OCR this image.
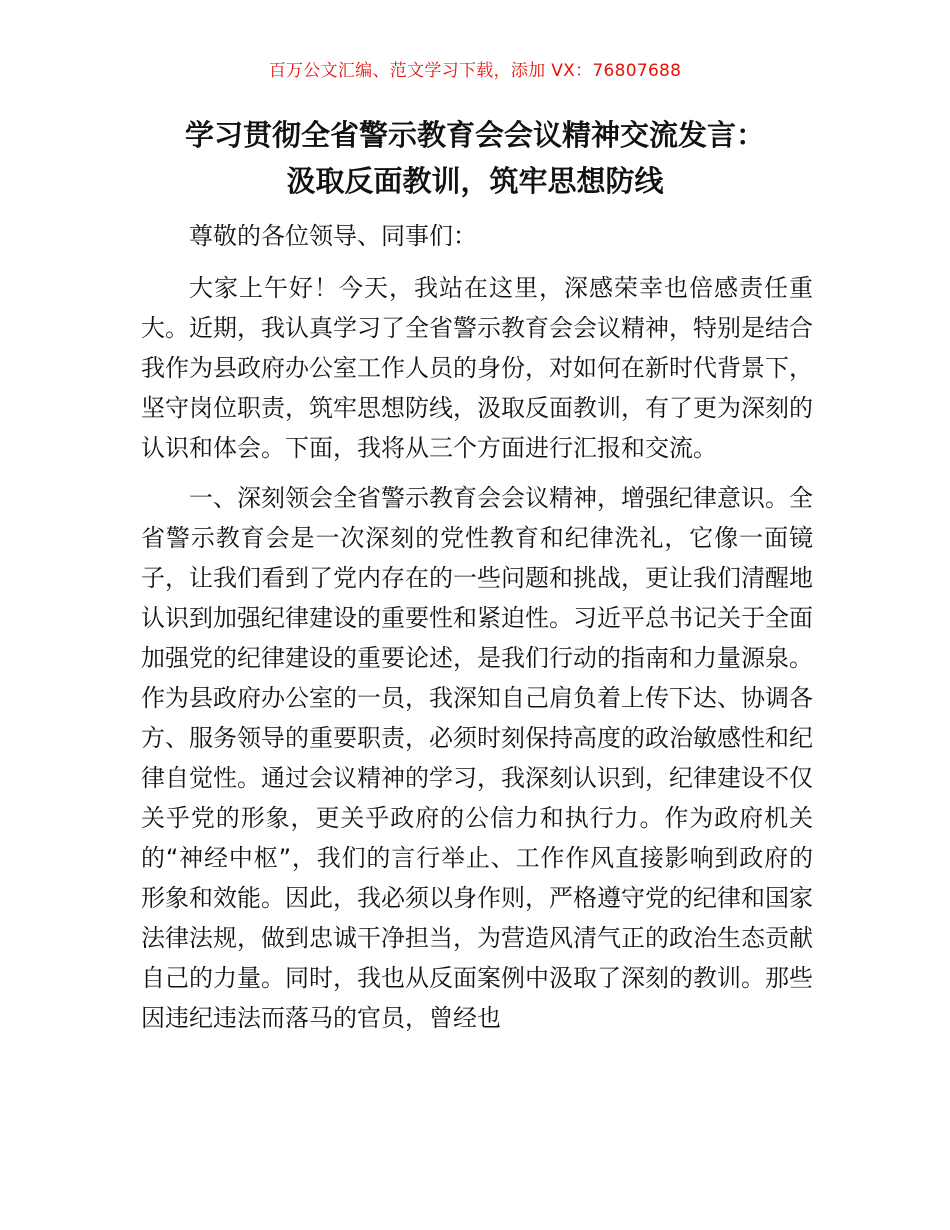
百万公文汇编、范文学习下载，添加 VX：76807688
学习贯彻全省警示教育会会议精神交流发言：
汲取反面教训，筑牢思想防线

尊敬的各位领导、同事们：

大家上午好！今天，我站在这里，深感荣幸也倍感责任重大。近期，我认真学习了全省警示教育会会议精神，特别是结合我作为县政府办公室工作人员的身份，对如何在新时代背景下，坚守岗位职责，筑牢思想防线，汲取反面教训，有了更为深刻的认识和体会。下面，我将从三个方面进行汇报和交流。

一、深刻领会全省警示教育会会议精神，增强纪律意识。全省警示教育会是一次深刻的党性教育和纪律洗礼，它像一面镜子，让我们看到了党内存在的一些问题和挑战，更让我们清醒地认识到加强纪律建设的重要性和紧迫性。习近平总书记关于全面加强党的纪律建设的重要论述，是我们行动的指南和力量源泉。作为县政府办公室的一员，我深知自己肩负着上传下达、协调各方、服务领导的重要职责，必须时刻保持高度的政治敏感性和纪律自觉性。通过会议精神的学习，我深刻认识到，纪律建设不仅关乎党的形象，更关乎政府的公信力和执行力。作为政府机关的“神经中枢”，我们的言行举止、工作作风直接影响到政府的形象和效能。因此，我必须以身作则，严格遵守党的纪律和国家法律法规，做到忠诚干净担当，为营造风清气正的政治生态贡献自己的力量。同时，我也从反面案例中汲取了深刻的教训。那些因违纪违法而落马的官员，曾经也
